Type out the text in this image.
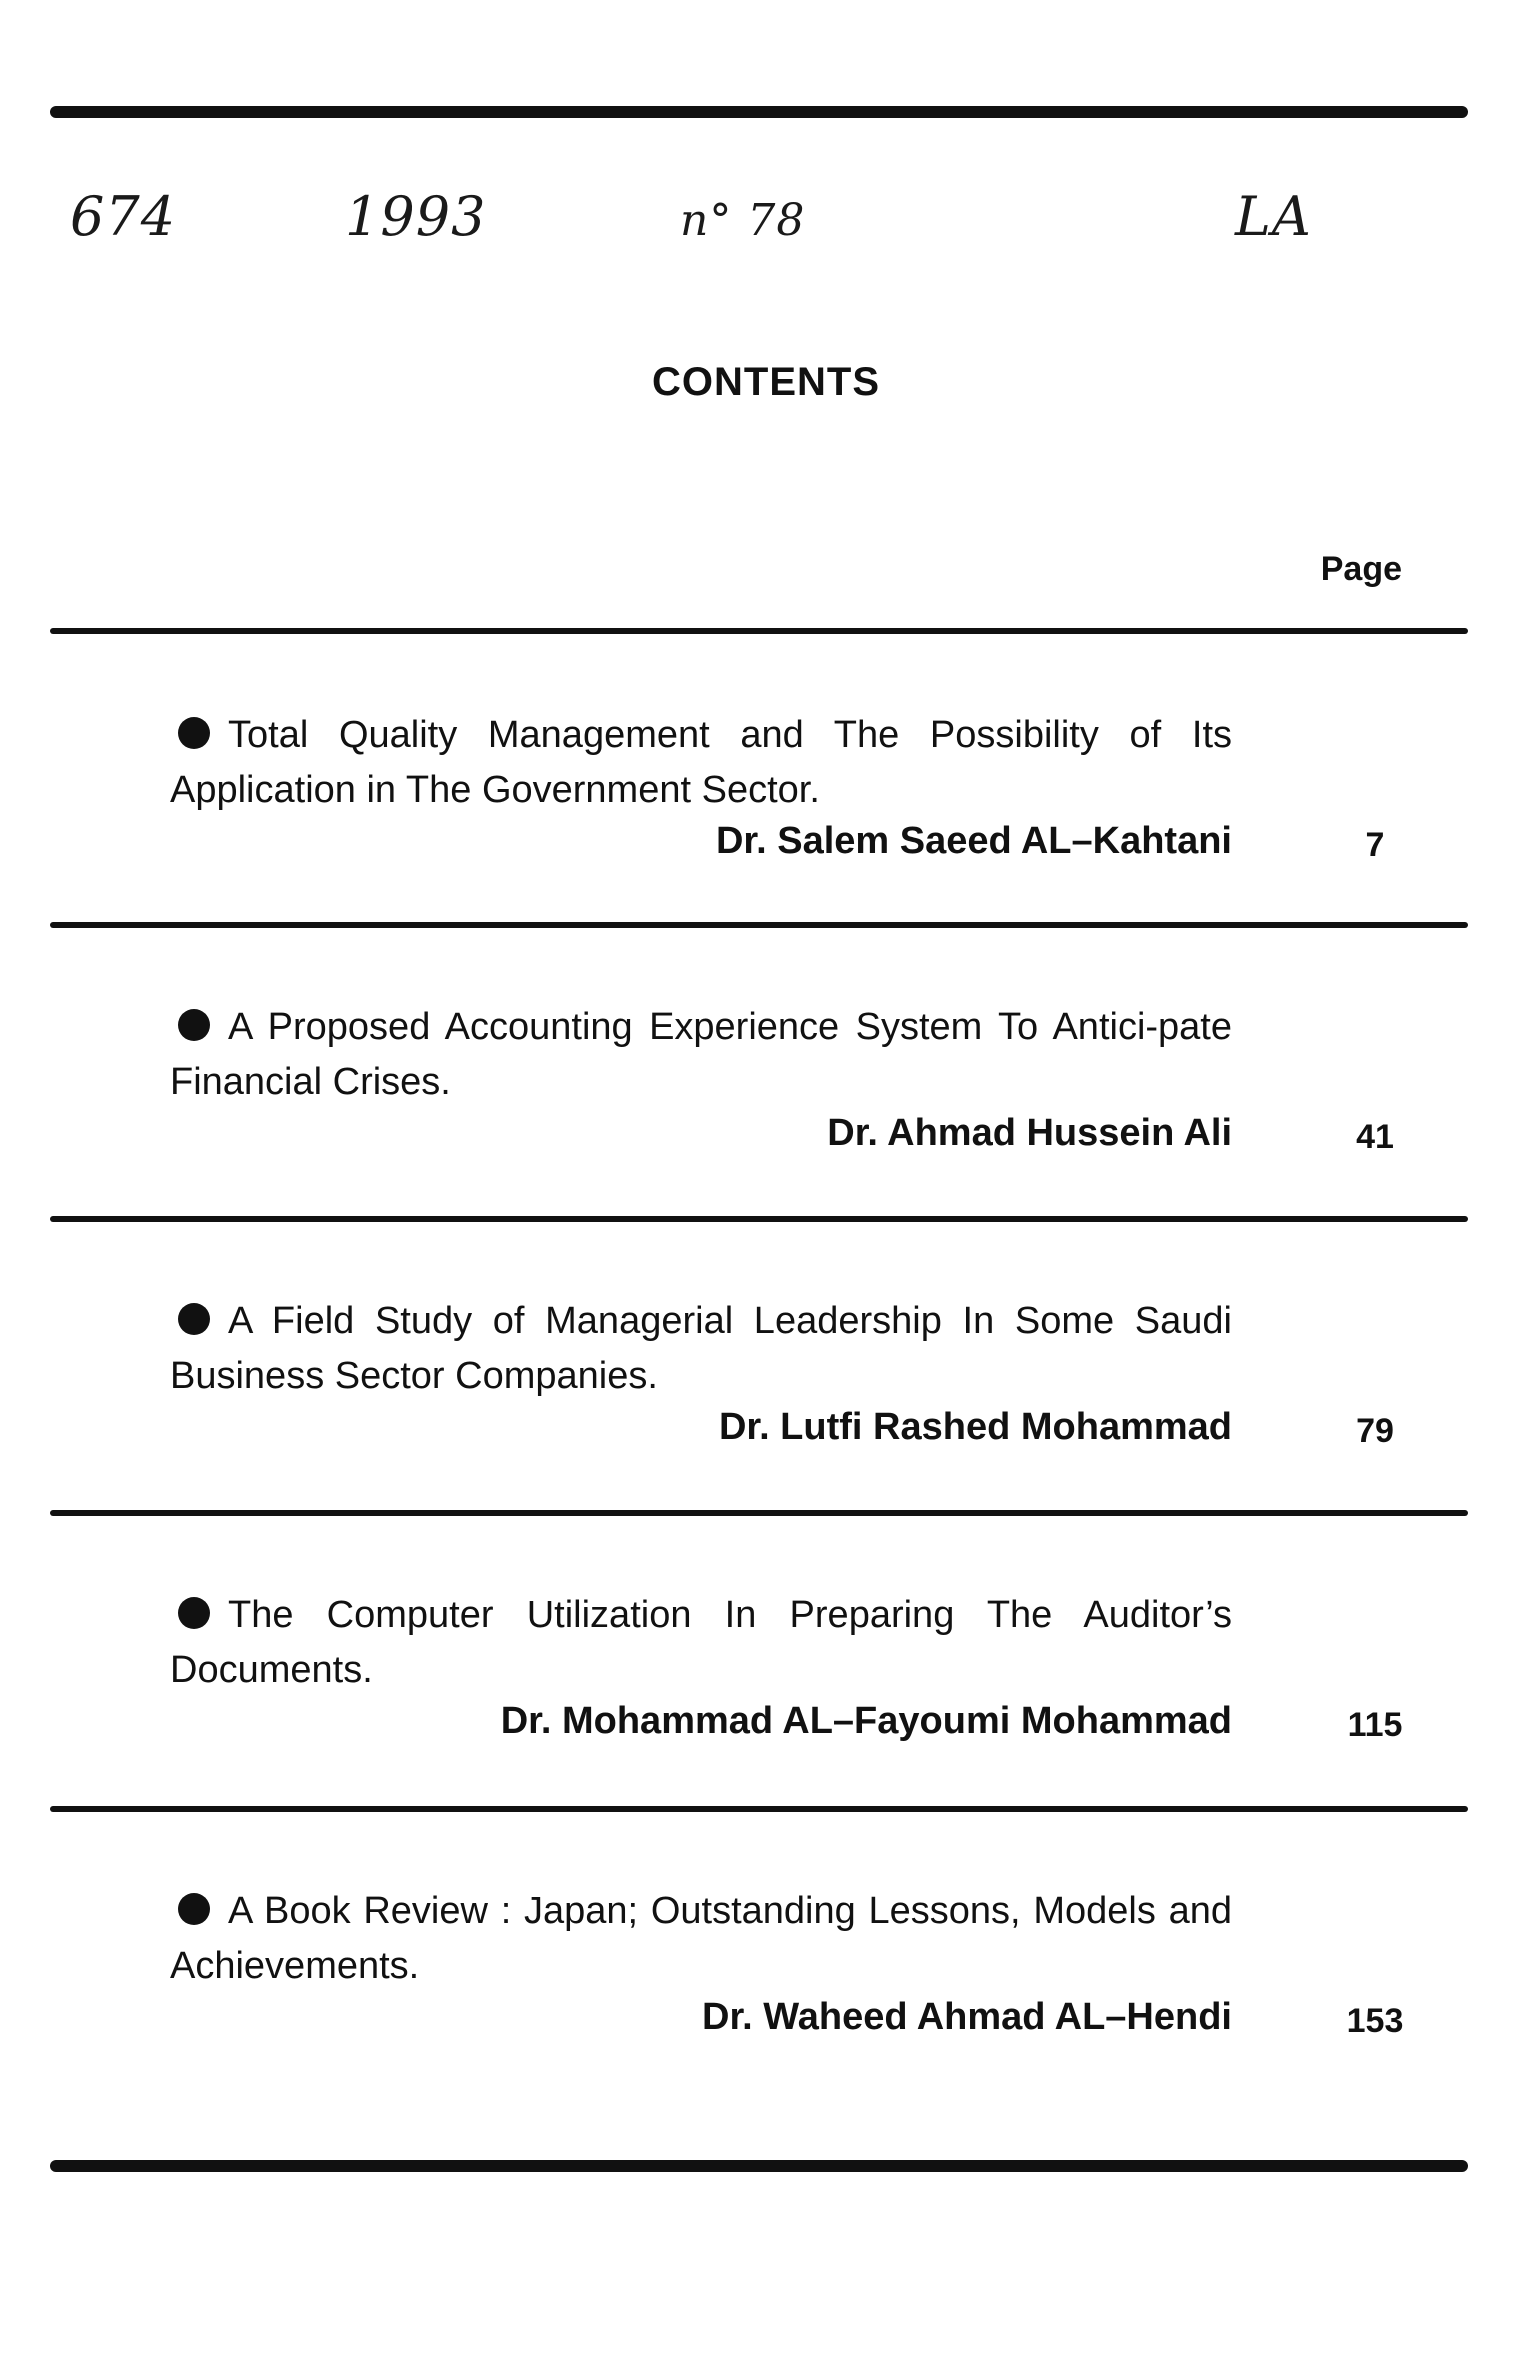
674	1993	n° 78	LA
CONTENTS
Page
Total Quality Management and The Possibility of Its Application in The Government Sector.
Dr. Salem Saeed AL–Kahtani	7
A Proposed Accounting Experience System To Antici-pate Financial Crises.
Dr. Ahmad Hussein Ali	41
A Field Study of Managerial Leadership In Some Saudi Business Sector Companies.
Dr. Lutfi Rashed Mohammad	79
The Computer Utilization In Preparing The Auditor’s Documents.
Dr. Mohammad AL–Fayoumi Mohammad	115
A Book Review : Japan; Outstanding Lessons, Models and Achievements.
Dr. Waheed Ahmad AL–Hendi	153
